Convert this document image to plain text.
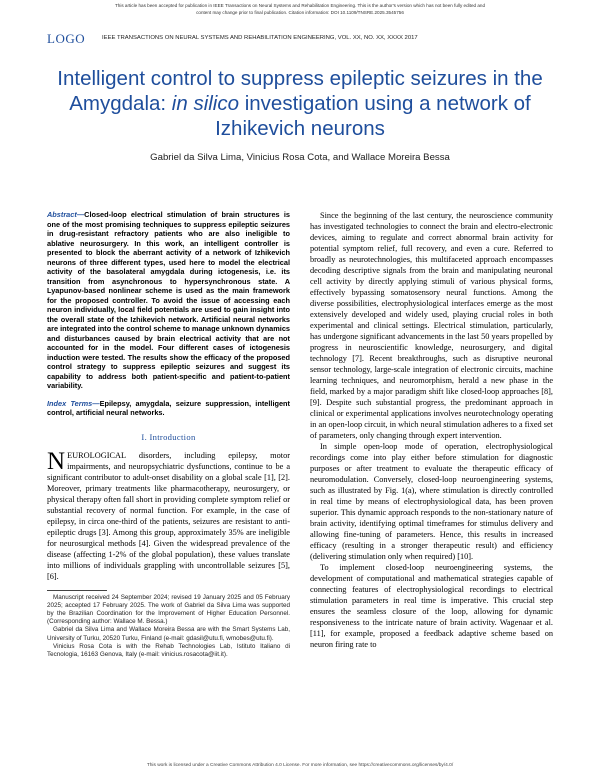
This article has been accepted for publication in IEEE Transactions on Neural Systems and Rehabilitation Engineering. This is the author's version which has not been fully edited and
content may change prior to final publication. Citation information: DOI 10.1109/TNSRE.2025.3545756
LOGO	IEEE TRANSACTIONS ON NEURAL SYSTEMS AND REHABILITATION ENGINEERING, VOL. XX, NO. XX, XXXX 2017
Intelligent control to suppress epileptic seizures in the Amygdala: in silico investigation using a network of Izhikevich neurons
Gabriel da Silva Lima, Vinicius Rosa Cota, and Wallace Moreira Bessa
Abstract—Closed-loop electrical stimulation of brain structures is one of the most promising techniques to suppress epileptic seizures in drug-resistant refractory patients who are also ineligible to ablative neurosurgery. In this work, an intelligent controller is presented to block the aberrant activity of a network of Izhikevich neurons of three different types, used here to model the electrical activity of the basolateral amygdala during ictogenesis, i.e. its transition from asynchronous to hypersynchronous state. A Lyapunov-based nonlinear scheme is used as the main framework for the proposed controller. To avoid the issue of accessing each neuron individually, local field potentials are used to gain insight into the overall state of the Izhikevich network. Artificial neural networks are integrated into the control scheme to manage unknown dynamics and disturbances caused by brain electrical activity that are not accounted for in the model. Four different cases of ictogenesis induction were tested. The results show the efficacy of the proposed control strategy to suppress epileptic seizures and suggest its capability to address both patient-specific and patient-to-patient variability.
Index Terms—Epilepsy, amygdala, seizure suppression, intelligent control, artificial neural networks.
I. Introduction
NEUROLOGICAL disorders, including epilepsy, motor impairments, and neuropsychiatric dysfunctions, continue to be a significant contributor to adult-onset disability on a global scale [1], [2]. Moreover, primary treatments like pharmacotherapy, neurosurgery, or physical therapy often fall short in providing complete symptom relief or substantial recovery of normal function. For example, in the case of epilepsy, in circa one-third of the patients, seizures are resistant to anti-epileptic drugs [3]. Among this group, approximately 35% are ineligible for neurosurgical methods [4]. Given the widespread prevalence of the disease (affecting 1-2% of the global population), these values translate into millions of individuals grappling with uncontrollable seizures [5], [6].

Manuscript received 24 September 2024; revised 19 January 2025 and 05 February 2025; accepted 17 February 2025. The work of Gabriel da Silva Lima was supported by the Brazilian Coordination for the Improvement of Higher Education Personnel. (Corresponding author: Wallace M. Bessa.)

Gabriel da Silva Lima and Wallace Moreira Bessa are with the Smart Systems Lab, University of Turku, 20520 Turku, Finland (e-mail: gdasil@utu.fi, wmobes@utu.fi).

Vinicius Rosa Cota is with the Rehab Technologies Lab, Istituto Italiano di Tecnologia, 16163 Genova, Italy (e-mail: vinicius.rosacota@iit.it).

Since the beginning of the last century, the neuroscience community has investigated technologies to connect the brain and electro-electronic devices, aiming to regulate and correct abnormal brain activity for potential symptom relief, full recovery, and even a cure. Referred to broadly as neurotechnologies, this multifaceted approach encompasses decoding descriptive signals from the brain and manipulating neuronal cell activity by directly applying stimuli of various physical forms, effectively bypassing somatosensory neural functions. Among the diverse possibilities, electrophysiological interfaces emerge as the most extensively developed and widely used, playing crucial roles in both experimental and clinical settings. Electrical stimulation, particularly, has undergone significant advancements in the last 50 years propelled by progress in neuroscientific knowledge, neurosurgery, and digital technology [7]. Recent breakthroughs, such as disruptive neuronal sensor technology, large-scale integration of electronic circuits, machine learning techniques, and neuromorphism, herald a new phase in the field, marked by a major paradigm shift like closed-loop approaches [8], [9]. Despite such substantial progress, the predominant approach in clinical or experimental applications involves neurotechnology operating in an open-loop circuit, in which neural stimulation adheres to a fixed set of parameters, only changing through expert intervention.

In simple open-loop mode of operation, electrophysiological recordings come into play either before stimulation for diagnostic purposes or after treatment to evaluate the therapeutic efficacy of neuromodulation. Conversely, closed-loop neuroengineering systems, such as illustrated by Fig. 1(a), where stimulation is directly controlled in real time by means of electrophysiological data, has been proven superior. This dynamic approach responds to the non-stationary nature of brain activity, identifying optimal timeframes for stimulus delivery and allowing fine-tuning of parameters. Hence, this results in increased efficacy (resulting in a stronger therapeutic result) and efficiency (delivering stimulation only when required) [10].

To implement closed-loop neuroengineering systems, the development of computational and mathematical strategies capable of connecting features of electrophysiological recordings to electrical stimulation parameters in real time is imperative. This crucial step ensures the seamless closure of the loop, allowing for dynamic responsiveness to the intricate nature of brain activity. Wagenaar et al. [11], for example, proposed a feedback adaptive scheme based on neuron firing rate to

This work is licensed under a Creative Commons Attribution 4.0 License. For more information, see https://creativecommons.org/licenses/by/4.0/
